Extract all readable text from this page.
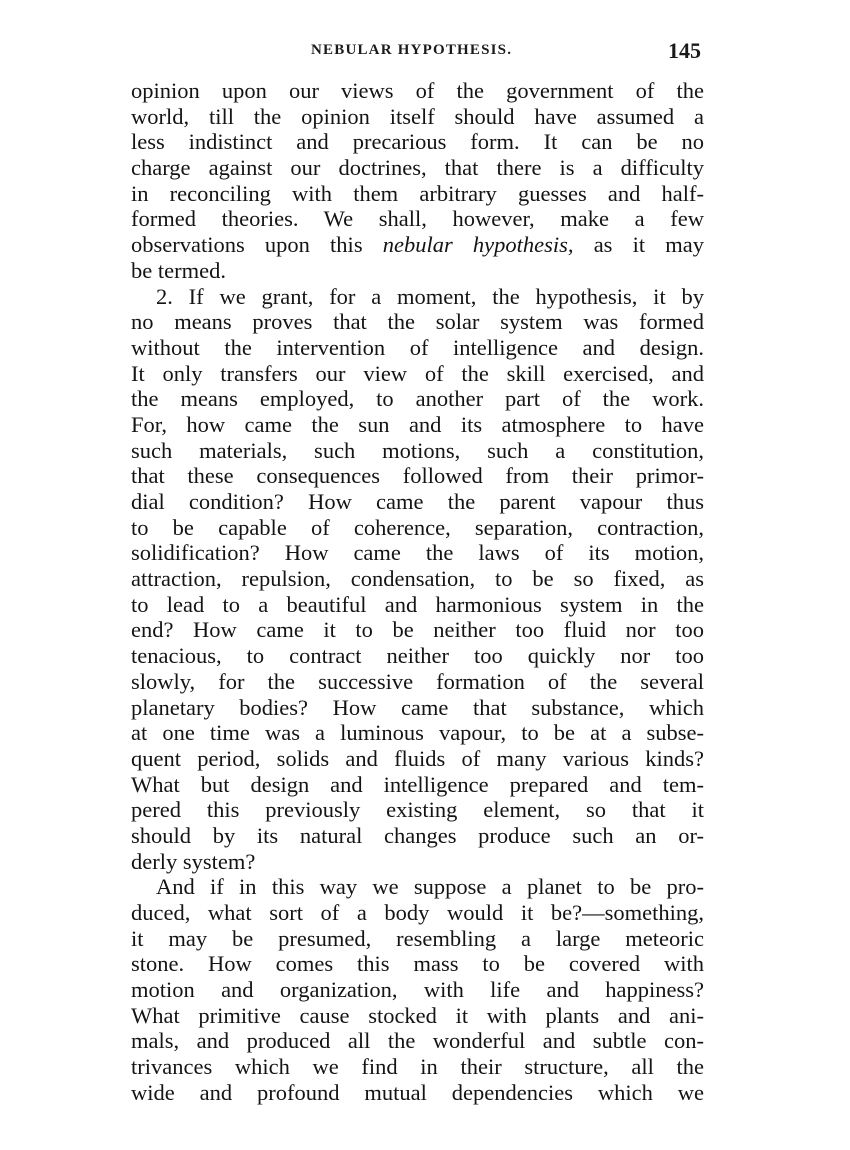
NEBULAR HYPOTHESIS.	145
opinion upon our views of the government of the
world, till the opinion itself should have assumed a
less indistinct and precarious form. It can be no
charge against our doctrines, that there is a difficulty
in reconciling with them arbitrary guesses and half-
formed theories. We shall, however, make a few
observations upon this nebular hypothesis, as it may
be termed.
2. If we grant, for a moment, the hypothesis, it by
no means proves that the solar system was formed
without the intervention of intelligence and design.
It only transfers our view of the skill exercised, and
the means employed, to another part of the work.
For, how came the sun and its atmosphere to have
such materials, such motions, such a constitution,
that these consequences followed from their primor-
dial condition? How came the parent vapour thus
to be capable of coherence, separation, contraction,
solidification? How came the laws of its motion,
attraction, repulsion, condensation, to be so fixed, as
to lead to a beautiful and harmonious system in the
end? How came it to be neither too fluid nor too
tenacious, to contract neither too quickly nor too
slowly, for the successive formation of the several
planetary bodies? How came that substance, which
at one time was a luminous vapour, to be at a subse-
quent period, solids and fluids of many various kinds?
What but design and intelligence prepared and tem-
pered this previously existing element, so that it
should by its natural changes produce such an or-
derly system?
And if in this way we suppose a planet to be pro-
duced, what sort of a body would it be?—something,
it may be presumed, resembling a large meteoric
stone. How comes this mass to be covered with
motion and organization, with life and happiness?
What primitive cause stocked it with plants and ani-
mals, and produced all the wonderful and subtle con-
trivances which we find in their structure, all the
wide and profound mutual dependencies which we
